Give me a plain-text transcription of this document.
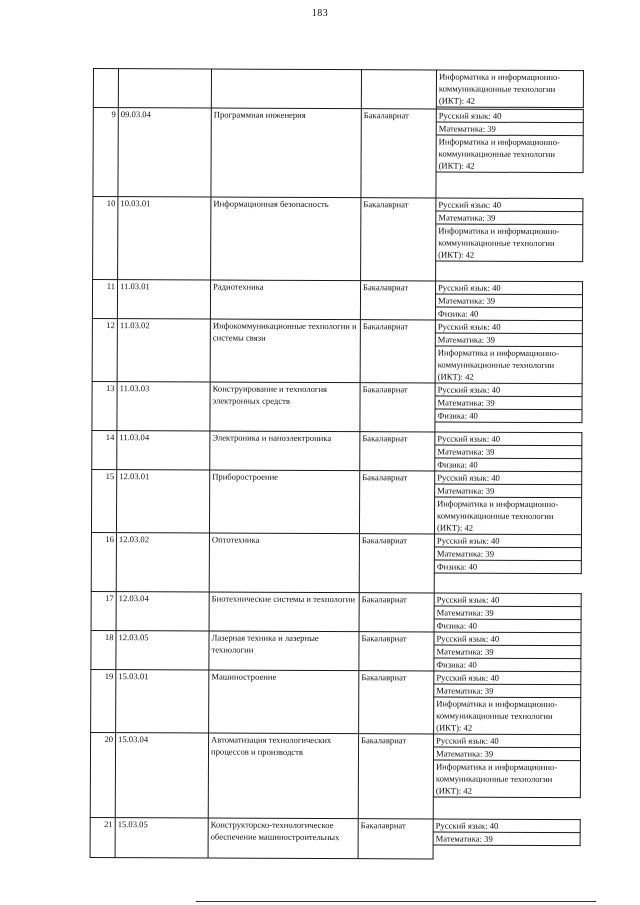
183
				Информатика и информационно-коммуникационные технологии (ИКТ): 42

9	09.03.04	Программная инженерия	Бакалавриат	Русский язык: 40
				Математика: 39
				Информатика и информационно-коммуникационные технологии (ИКТ): 42

10	10.03.01	Информационная безопасность	Бакалавриат	Русский язык: 40
				Математика: 39
				Информатика и информационно-коммуникационные технологии (ИКТ): 42

11	11.03.01	Радиотехника	Бакалавриат	Русский язык: 40
				Математика: 39
				Физика: 40
12	11.03.02	Инфокоммуникационные технологии и системы связи	Бакалавриат	Русский язык: 40
				Математика: 39
				Информатика и информационно-коммуникационные технологии (ИКТ): 42
13	11.03.03	Конструирование и технология электронных средств	Бакалавриат	Русский язык: 40
				Математика: 39
				Физика: 40

14	11.03.04	Электроника и наноэлектроника	Бакалавриат	Русский язык: 40
				Математика: 39
				Физика: 40
15	12.03.01	Приборостроение	Бакалавриат	Русский язык: 40
				Математика: 39
				Информатика и информационно-коммуникационные технологии (ИКТ): 42
16	12.03.02	Оптотехника	Бакалавриат	Русский язык: 40
				Математика: 39
				Физика: 40

17	12.03.04	Биотехнические системы и технологии	Бакалавриат	Русский язык: 40
				Математика: 39
				Физика: 40
18	12.03.05	Лазерная техника и лазерные технологии	Бакалавриат	Русский язык: 40
				Математика: 39
				Физика: 40
19	15.03.01	Машиностроение	Бакалавриат	Русский язык: 40
				Математика: 39
				Информатика и информационно-коммуникационные технологии (ИКТ): 42
20	15.03.04	Автоматизация технологических процессов и производств	Бакалавриат	Русский язык: 40
				Математика: 39
				Информатика и информационно-коммуникационные технологии (ИКТ): 42

21	15.03.05	Конструкторско-технологическое обеспечение машиностроительных	Бакалавриат	Русский язык: 40
				Математика: 39
